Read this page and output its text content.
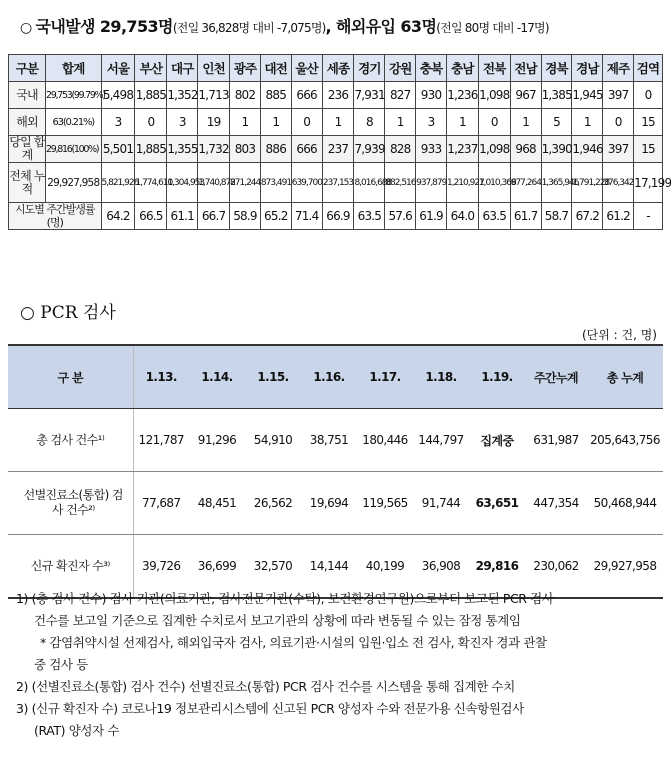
○ 국내발생 29,753명(전일 36,828명 대비 -7,075명), 해외유입 63명(전일 80명 대비 -17명)
구분	합계	서울	부산	대구	인천	광주	대전	울산	세종	경기	강원	충북	충남	전북	전남	경북	경남	제주	검역
국내	29,753(99.79%)	5,498	1,885	1,352	1,713	802	885	666	236	7,931	827	930	1,236	1,098	967	1,385	1,945	397	0
해외	63(0.21%)	3	0	3	19	1	1	0	1	8	1	3	1	0	1	5	1	0	15
당일 합계	29,816(100%)	5,501	1,885	1,355	1,732	803	886	666	237	7,939	828	933	1,237	1,098	968	1,390	1,946	397	15
전체 누적	29,927,958	5,821,926	1,774,610	1,304,953	1,740,872	871,244	873,491	639,700	237,153	8,016,688	882,516	937,879	1,210,927	1,010,368	977,264	1,365,946	1,791,228	376,342	17,199
시도별 주간발생률(명)		64.2	66.5	61.1	66.7	58.9	65.2	71.4	66.9	63.5	57.6	61.9	64.0	63.5	61.7	58.7	67.2	61.2	-
○ PCR 검사
(단위 : 건, 명)
구 분	1.13.	1.14.	1.15.	1.16.	1.17.	1.18.	1.19.	주간누계	총 누계
총 검사 건수¹⁾	121,787	91,296	54,910	38,751	180,446	144,797	집계중	631,987	205,643,756
선별진료소(통합) 검사 건수²⁾	77,687	48,451	26,562	19,694	119,565	91,744	63,651	447,354	50,468,944
신규 확진자 수³⁾	39,726	36,699	32,570	14,144	40,199	36,908	29,816	230,062	29,927,958
1) (총 검사 건수) 검사 기관(의료기관, 검사전문기관(수탁), 보건환경연구원)으로부터 보고된 PCR 검사
건수를 보고일 기준으로 집계한 수치로서 보고기관의 상황에 따라 변동될 수 있는 잠정 통계임
* 감염취약시설 선제검사, 해외입국자 검사, 의료기관·시설의 입원·입소 전 검사, 확진자 경과 관찰
중 검사 등
2) (선별진료소(통합) 검사 건수) 선별진료소(통합) PCR 검사 건수를 시스템을 통해 집계한 수치
3) (신규 확진자 수) 코로나19 정보관리시스템에 신고된 PCR 양성자 수와 전문가용 신속항원검사
(RAT) 양성자 수
